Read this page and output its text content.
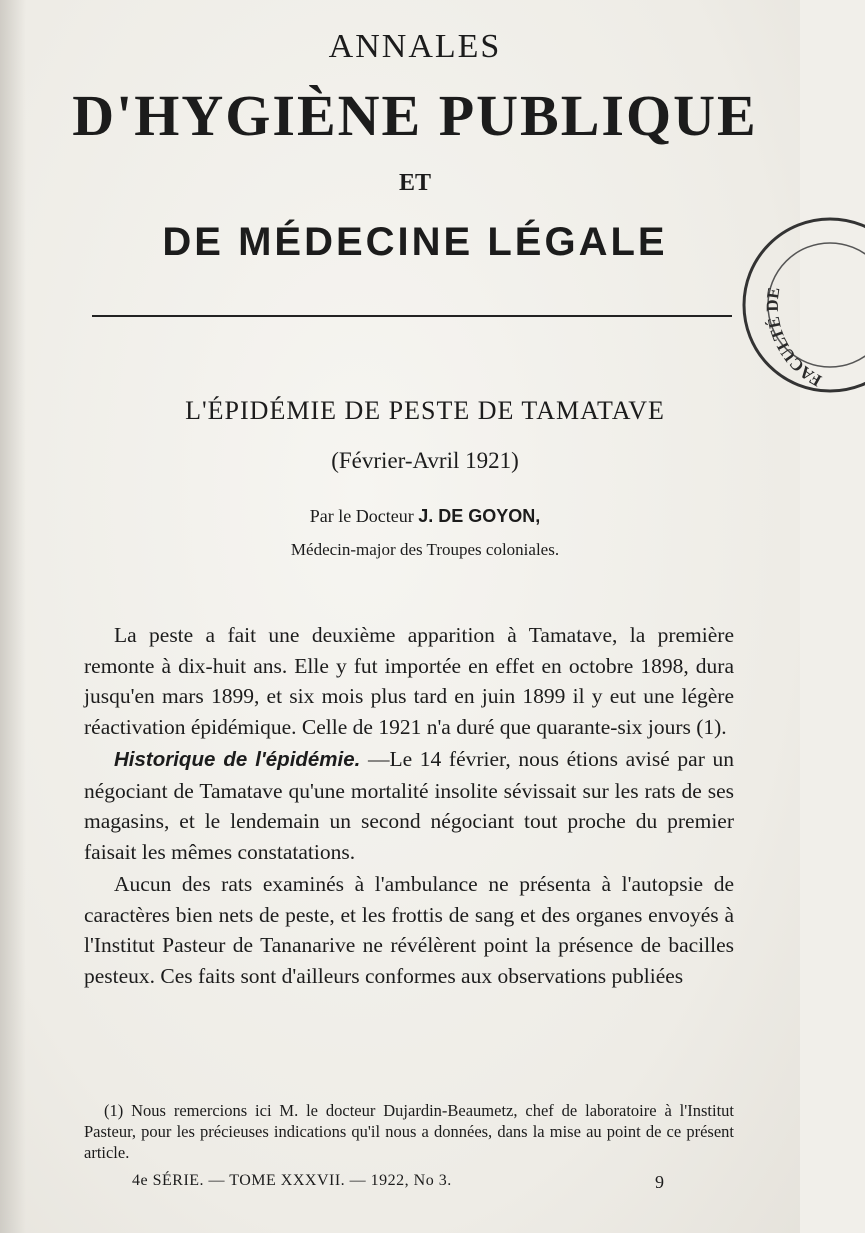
ANNALES
D'HYGIÈNE PUBLIQUE
ET
DE MÉDECINE LÉGALE
FACULTÉ DE
L'ÉPIDÉMIE DE PESTE DE TAMATAVE
(Février-Avril 1921)
Par le Docteur J. DE GOYON,
Médecin-major des Troupes coloniales.

La peste a fait une deuxième apparition à Tamatave, la première remonte à dix-huit ans. Elle y fut importée en effet en octobre 1898, dura jusqu'en mars 1899, et six mois plus tard en juin 1899 il y eut une légère réactivation épidémique. Celle de 1921 n'a duré que quarante-six jours (1).

Historique de l'épidémie. —Le 14 février, nous étions avisé par un négociant de Tamatave qu'une mortalité insolite sévissait sur les rats de ses magasins, et le lendemain un second négociant tout proche du premier faisait les mêmes constatations.

Aucun des rats examinés à l'ambulance ne présenta à l'autopsie de caractères bien nets de peste, et les frottis de sang et des organes envoyés à l'Institut Pasteur de Tananarive ne révélèrent point la présence de bacilles pesteux. Ces faits sont d'ailleurs conformes aux observations publiées

(1) Nous remercions ici M. le docteur Dujardin-Beaumetz, chef de laboratoire à l'Institut Pasteur, pour les précieuses indications qu'il nous a données, dans la mise au point de ce présent article.
4e SÉRIE. — TOME XXXVII. — 1922, No 3.	9
